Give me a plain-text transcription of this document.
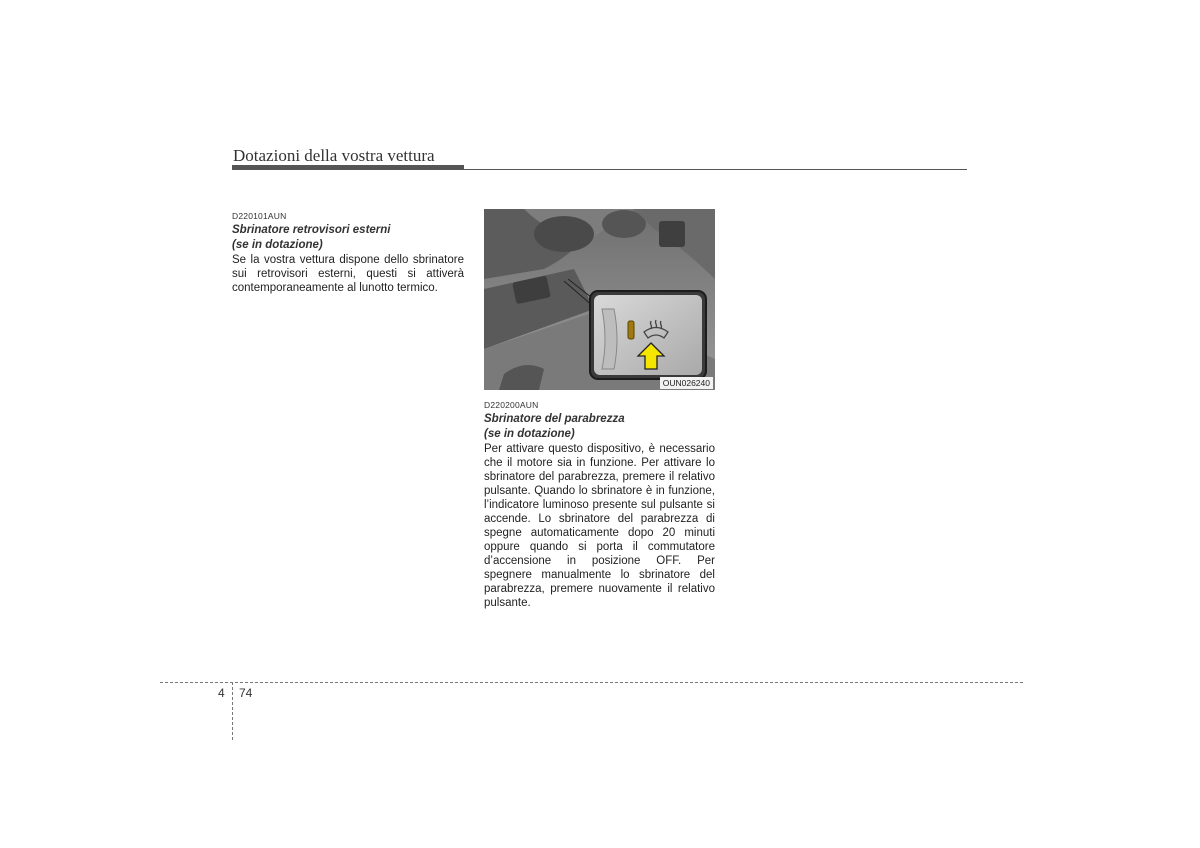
Dotazioni della vostra vettura
D220101AUN
Sbrinatore retrovisori esterni
(se in dotazione)
Se la vostra vettura dispone dello sbrinatore sui retrovisori esterni, questi si attiverà contemporaneamente al lunotto termico.
OUN026240
D220200AUN
Sbrinatore del parabrezza
(se in dotazione)
Per attivare questo dispositivo, è necessario che il motore sia in funzione. Per attivare lo sbrinatore del parabrezza, premere il relativo pulsante. Quando lo sbrinatore è in funzione, l’indicatore luminoso presente sul pulsante si accende. Lo sbrinatore del parabrezza di spegne automaticamente dopo 20 minuti oppure quando si porta il commutatore d’accensione in posizione OFF. Per spegnere manualmente lo sbrinatore del parabrezza, premere nuovamente il relativo pulsante.
4 74
